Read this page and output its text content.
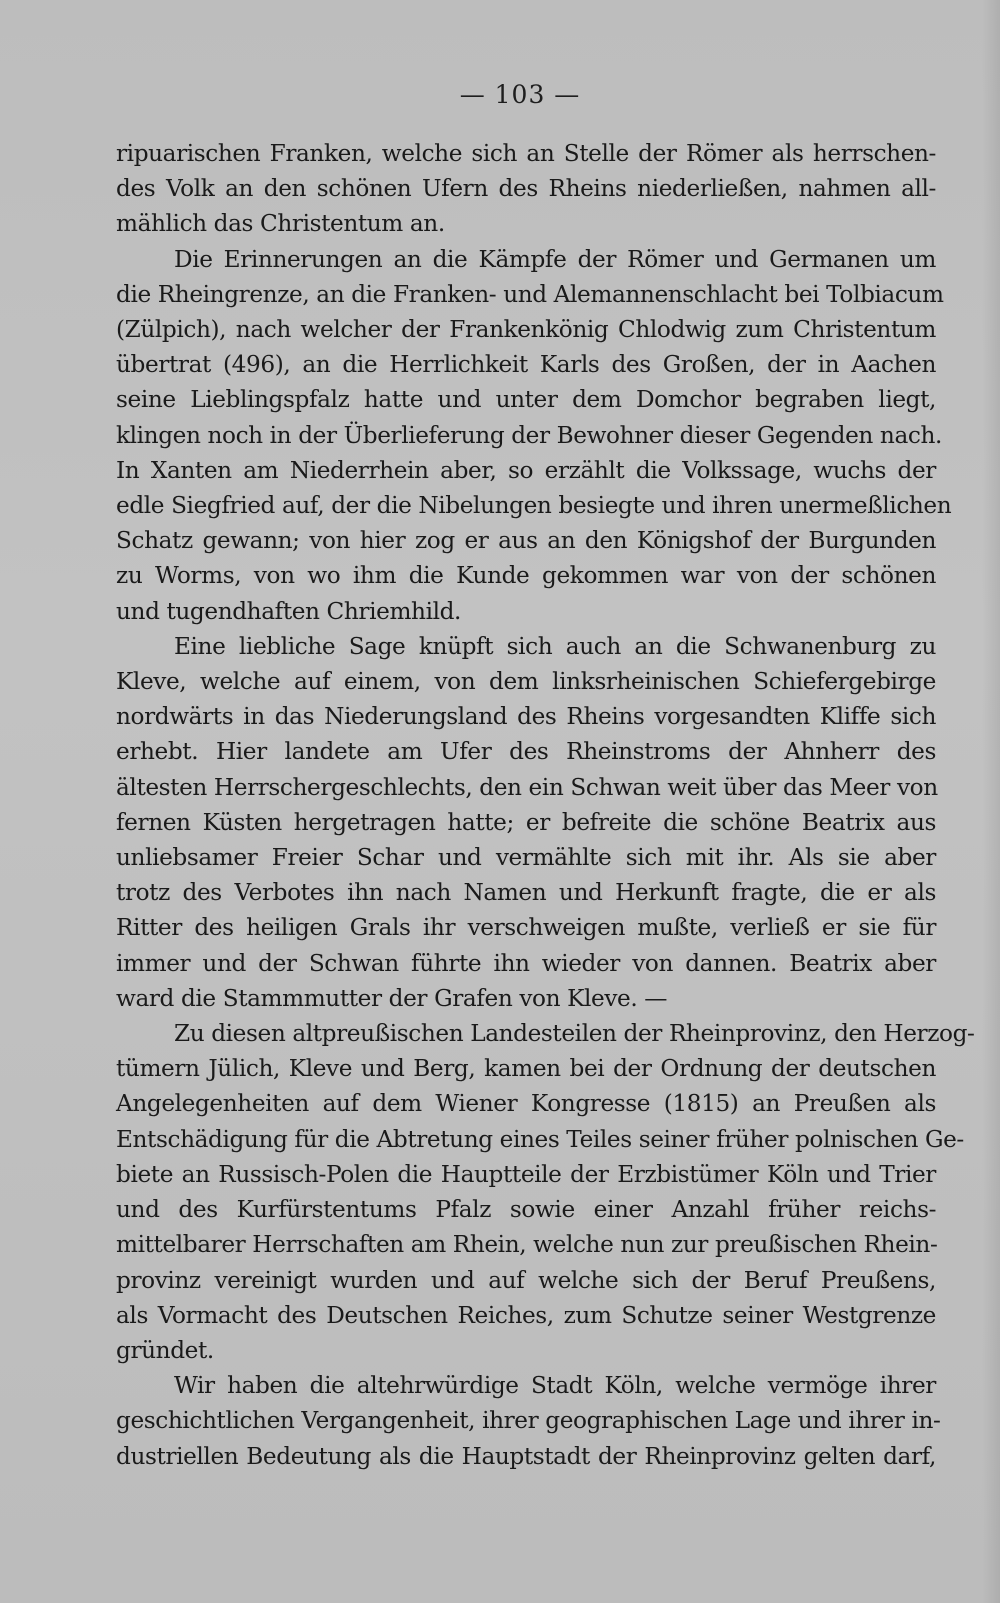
— 103 —

ripuarischen Franken, welche sich an Stelle der Römer als herrschen-
des Volk an den schönen Ufern des Rheins niederließen, nahmen all-
mählich das Christentum an.

Die Erinnerungen an die Kämpfe der Römer und Germanen um
die Rheingrenze, an die Franken- und Alemannenschlacht bei Tolbiacum
(Zülpich), nach welcher der Frankenkönig Chlodwig zum Christentum
übertrat (496), an die Herrlichkeit Karls des Großen, der in Aachen
seine Lieblingspfalz hatte und unter dem Domchor begraben liegt,
klingen noch in der Überlieferung der Bewohner dieser Gegenden nach.
In Xanten am Niederrhein aber, so erzählt die Volkssage, wuchs der
edle Siegfried auf, der die Nibelungen besiegte und ihren unermeßlichen
Schatz gewann; von hier zog er aus an den Königshof der Burgunden
zu Worms, von wo ihm die Kunde gekommen war von der schönen
und tugendhaften Chriemhild.

Eine liebliche Sage knüpft sich auch an die Schwanenburg zu
Kleve, welche auf einem, von dem linksrheinischen Schiefergebirge
nordwärts in das Niederungsland des Rheins vorgesandten Kliffe sich
erhebt. Hier landete am Ufer des Rheinstroms der Ahnherr des
ältesten Herrschergeschlechts, den ein Schwan weit über das Meer von
fernen Küsten hergetragen hatte; er befreite die schöne Beatrix aus
unliebsamer Freier Schar und vermählte sich mit ihr. Als sie aber
trotz des Verbotes ihn nach Namen und Herkunft fragte, die er als
Ritter des heiligen Grals ihr verschweigen mußte, verließ er sie für
immer und der Schwan führte ihn wieder von dannen. Beatrix aber
ward die Stammmutter der Grafen von Kleve. —

Zu diesen altpreußischen Landesteilen der Rheinprovinz, den Herzog-
tümern Jülich, Kleve und Berg, kamen bei der Ordnung der deutschen
Angelegenheiten auf dem Wiener Kongresse (1815) an Preußen als
Entschädigung für die Abtretung eines Teiles seiner früher polnischen Ge-
biete an Russisch-Polen die Hauptteile der Erzbistümer Köln und Trier
und des Kurfürstentums Pfalz sowie einer Anzahl früher reichs-
mittelbarer Herrschaften am Rhein, welche nun zur preußischen Rhein-
provinz vereinigt wurden und auf welche sich der Beruf Preußens,
als Vormacht des Deutschen Reiches, zum Schutze seiner Westgrenze
gründet.

Wir haben die altehrwürdige Stadt Köln, welche vermöge ihrer
geschichtlichen Vergangenheit, ihrer geographischen Lage und ihrer in-
dustriellen Bedeutung als die Hauptstadt der Rheinprovinz gelten darf,
